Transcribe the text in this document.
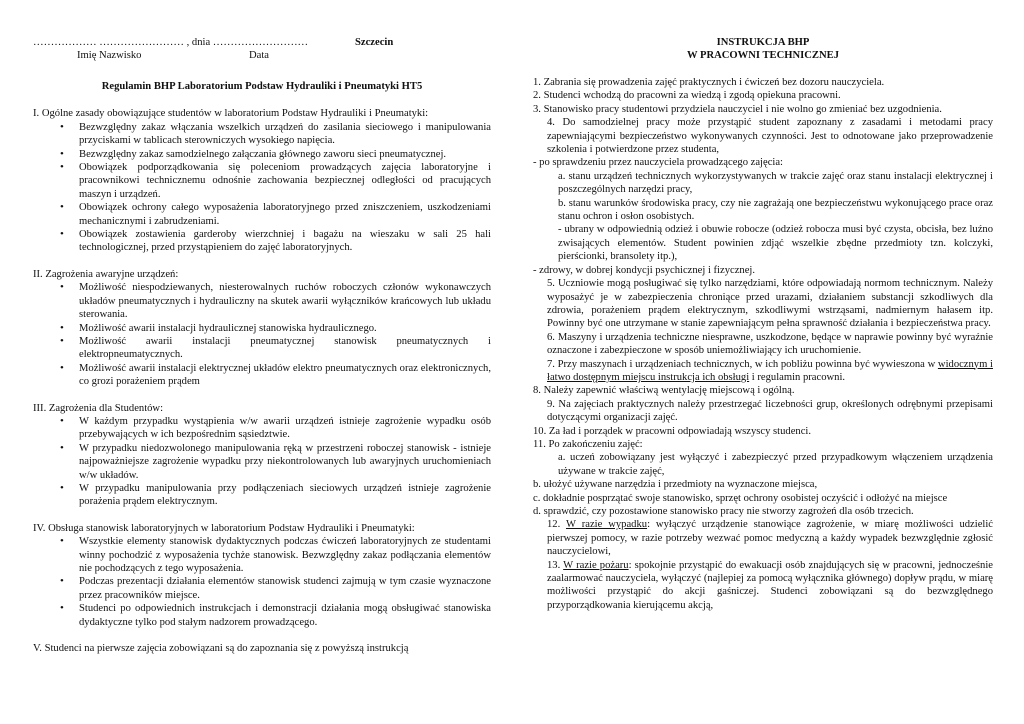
……………… …………………… , dnia ………………………	Szczecin
Imię Nazwisko	Data
Regulamin BHP Laboratorium Podstaw Hydrauliki i Pneumatyki HT5

I. Ogólne zasady obowiązujące studentów w laboratorium Podstaw Hydrauliki i Pneumatyki:

• Bezwzględny zakaz włączania wszelkich urządzeń do zasilania sieciowego i manipulowania przyciskami w tablicach sterowniczych wysokiego napięcia.
• Bezwzględny zakaz samodzielnego załączania głównego zaworu sieci pneumatycznej.
• Obowiązek podporządkowania się poleceniom prowadzących zajęcia laboratoryjne i pracownikowi technicznemu odnośnie zachowania bezpiecznej odległości od pracujących maszyn i urządzeń.
• Obowiązek ochrony całego wyposażenia laboratoryjnego przed zniszczeniem, uszkodzeniami mechanicznymi i zabrudzeniami.
• Obowiązek zostawienia garderoby wierzchniej i bagażu na wieszaku w sali 25 hali technologicznej, przed przystąpieniem do zajęć laboratoryjnych.

II. Zagrożenia awaryjne urządzeń:

• Możliwość niespodziewanych, niesterowalnych ruchów roboczych członów wykonawczych układów pneumatycznych i hydrauliczny na skutek awarii wyłączników krańcowych lub układu sterowania.
• Możliwość awarii instalacji hydraulicznej stanowiska hydraulicznego.
• Możliwość awarii instalacji pneumatycznej stanowisk pneumatycznych i elektropneumatycznych.
• Możliwość awarii instalacji elektrycznej układów elektro pneumatycznych oraz elektronicznych, co grozi porażeniem prądem

III. Zagrożenia dla Studentów:

• W każdym przypadku wystąpienia w/w awarii urządzeń istnieje zagrożenie wypadku osób przebywających w ich bezpośrednim sąsiedztwie.
• W przypadku niedozwolonego manipulowania ręką w przestrzeni roboczej stanowisk - istnieje najpoważniejsze zagrożenie wypadku przy niekontrolowanych lub awaryjnych uruchomieniach w/w układów.
• W przypadku manipulowania przy podłączeniach sieciowych urządzeń istnieje zagrożenie porażenia prądem elektrycznym.

IV. Obsługa stanowisk laboratoryjnych w laboratorium Podstaw Hydrauliki i Pneumatyki:

• Wszystkie elementy stanowisk dydaktycznych podczas ćwiczeń laboratoryjnych ze studentami winny pochodzić z wyposażenia tychże stanowisk. Bezwzględny zakaz podłączania elementów nie pochodzących z tego wyposażenia.
• Podczas prezentacji działania elementów stanowisk studenci zajmują w tym czasie wyznaczone przez pracowników miejsce.
• Studenci po odpowiednich instrukcjach i demonstracji działania mogą obsługiwać stanowiska dydaktyczne tylko pod stałym nadzorem prowadzącego.

V. Studenci na pierwsze zajęcia zobowiązani są do zapoznania się z powyższą instrukcją

INSTRUKCJA BHP
W PRACOWNI TECHNICZNEJ
1. Zabrania się prowadzenia zajęć praktycznych i ćwiczeń bez dozoru nauczyciela.
2. Studenci wchodzą do pracowni za wiedzą i zgodą opiekuna pracowni.
3. Stanowisko pracy studentowi przydziela nauczyciel i nie wolno go zmieniać bez uzgodnienia.
4. Do samodzielnej pracy może przystąpić student zapoznany z zasadami i metodami pracy zapewniającymi bezpieczeństwo wykonywanych czynności. Jest to odnotowane jako przeprowadzenie szkolenia i potwierdzone przez studenta,
- po sprawdzeniu przez nauczyciela prowadzącego zajęcia:
a. stanu urządzeń technicznych wykorzystywanych w trakcie zajęć oraz stanu instalacji elektrycznej i poszczególnych narzędzi pracy,
b. stanu warunków środowiska pracy, czy nie zagrażają one bezpieczeństwu wykonującego prace oraz stanu ochron i osłon osobistych.
- ubrany w odpowiednią odzież i obuwie robocze (odzież robocza musi być czysta, obcisła, bez luźno zwisających elementów. Student powinien zdjąć wszelkie zbędne przedmioty tzn. kolczyki, pierścionki, bransolety itp.),
- zdrowy, w dobrej kondycji psychicznej i fizycznej.
5. Uczniowie mogą posługiwać się tylko narzędziami, które odpowiadają normom technicznym. Należy wyposażyć je w zabezpieczenia chroniące przed urazami, działaniem substancji szkodliwych dla zdrowia, porażeniem prądem elektrycznym, szkodliwymi wstrząsami, nadmiernym hałasem itp. Powinny być one utrzymane w stanie zapewniającym pełna sprawność działania i bezpieczeństwa pracy.
6. Maszyny i urządzenia techniczne niesprawne, uszkodzone, będące w naprawie powinny być wyraźnie oznaczone i zabezpieczone w sposób uniemożliwiający ich uruchomienie.
7. Przy maszynach i urządzeniach technicznych, w ich pobliżu powinna być wywieszona w widocznym i łatwo dostępnym miejscu instrukcja ich obsługi i regulamin pracowni.
8. Należy zapewnić właściwą wentylację miejscową i ogólną.
9. Na zajęciach praktycznych należy przestrzegać liczebności grup, określonych odrębnymi przepisami dotyczącymi organizacji zajęć.
10. Za ład i porządek w pracowni odpowiadają wszyscy studenci.
11. Po zakończeniu zajęć:
a. uczeń zobowiązany jest wyłączyć i zabezpieczyć przed przypadkowym włączeniem urządzenia używane w trakcie zajęć,
b. ułożyć używane narzędzia i przedmioty na wyznaczone miejsca,
c. dokładnie posprzątać swoje stanowisko, sprzęt ochrony osobistej oczyścić i odłożyć na miejsce
d. sprawdzić, czy pozostawione stanowisko pracy nie stworzy zagrożeń dla osób trzecich.
12. W razie wypadku: wyłączyć urządzenie stanowiące zagrożenie, w miarę możliwości udzielić pierwszej pomocy, w razie potrzeby wezwać pomoc medyczną a każdy wypadek bezwzględnie zgłosić nauczycielowi,
13. W razie pożaru: spokojnie przystąpić do ewakuacji osób znajdujących się w pracowni, jednocześnie zaalarmować nauczyciela, wyłączyć (najlepiej za pomocą wyłącznika głównego) dopływ prądu, w miarę możliwości przystąpić do akcji gaśniczej. Studenci zobowiązani są do bezwzględnego przyporządkowania kierującemu akcją,
